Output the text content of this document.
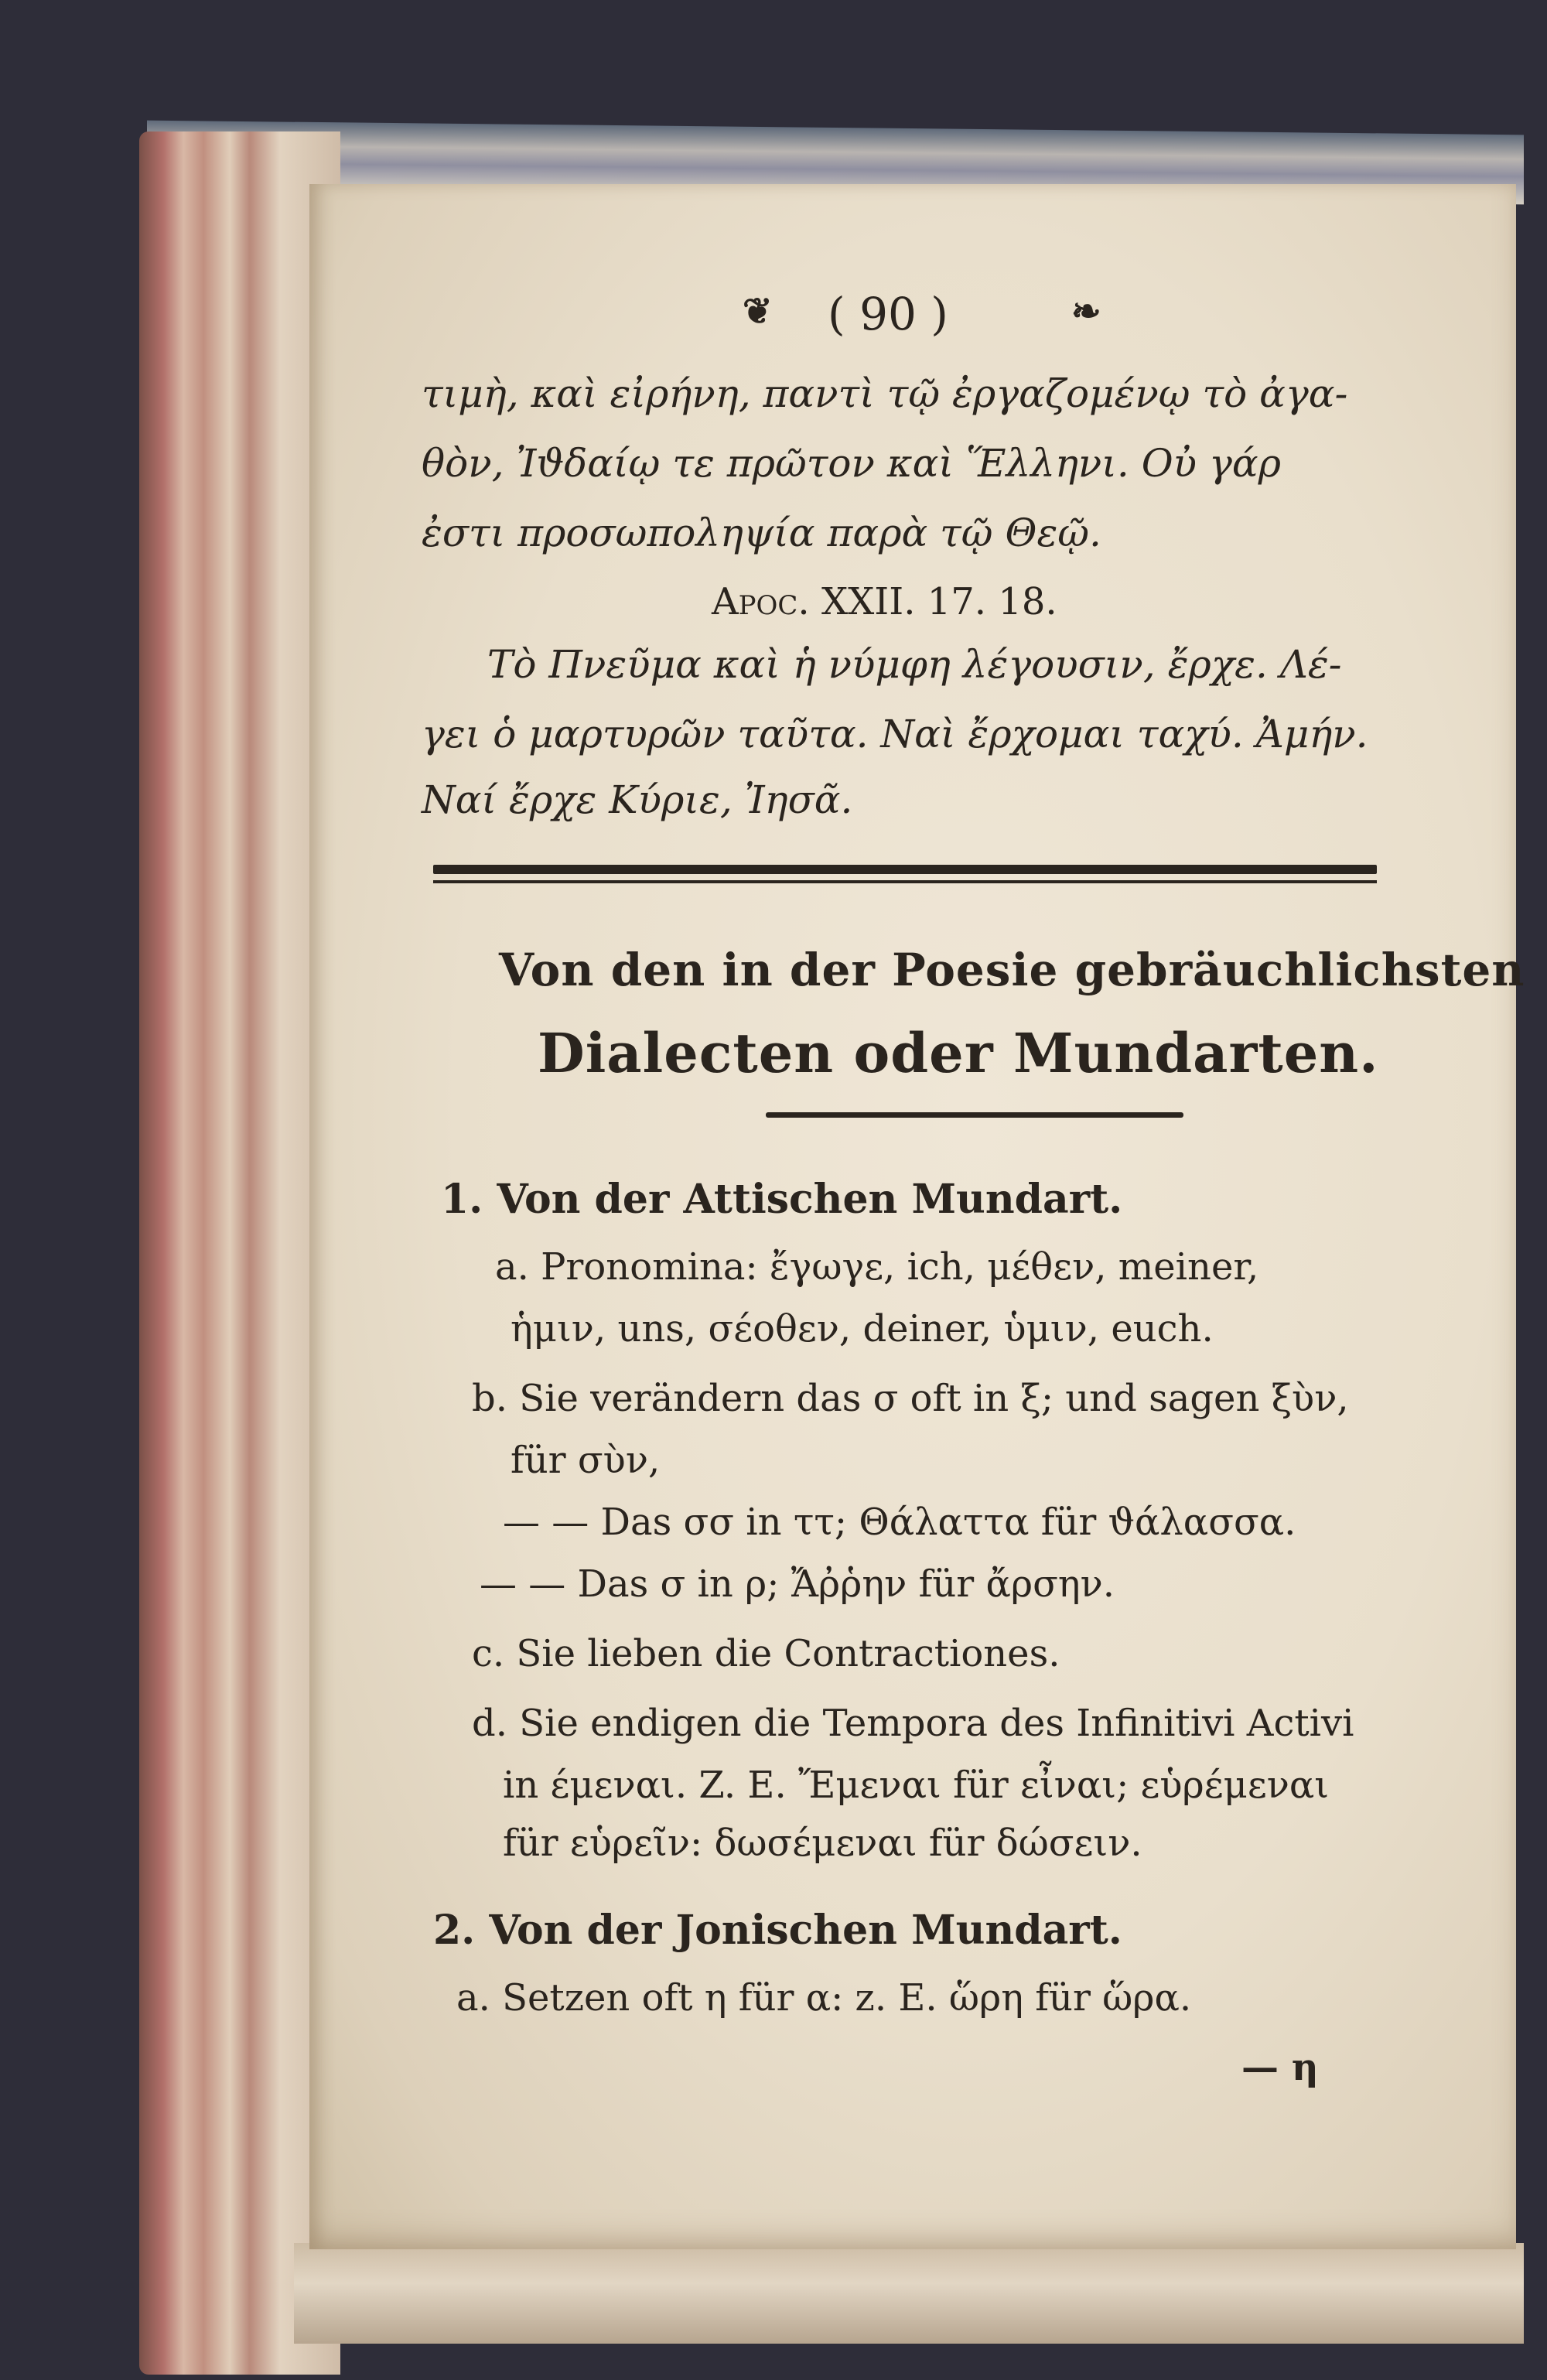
( 90 )
❦	❧
τιμὴ, καὶ εἰρήνη, παντὶ τῷ ἐργαζομένῳ τὸ ἀγα-
θὸν, Ἰϑδαίῳ τε πρῶτον καὶ Ἕλληνι. Οὐ γάρ
ἐστι προσωποληψία παρὰ τῷ Θεῷ.
Apoc. XXII. 17. 18.
Τὸ Πνεῦμα καὶ ἡ νύμφη λέγουσιν, ἔρχε. Λέ-
γει ὁ μαρτυρῶν ταῦτα. Ναὶ ἔρχομαι ταχύ. Ἀμήν.
Ναί ἔρχε Κύριε, Ἰησᾶ.
Von den in der Poesie gebräuchlichsten
Dialecten oder Mundarten.
1. Von der Attischen Mundart.
a. Pronomina: ἔγωγε, ich, μέθεν, meiner,
ἡμιν, uns, σέοθεν, deiner, ὑμιν, euch.
b. Sie verändern das σ oft in ξ; und sagen ξὺν,
für σὺν,
— — Das σσ in ττ; Θάλαττα für ϑάλασσα.
— — Das σ in ρ; Ἄῤῥην für ἄρσην.
c. Sie lieben die Contractiones.
d. Sie endigen die Tempora des Infinitivi Activi
in έμεναι. Z. E. Ἔμεναι für εἶναι; εὑρέμεναι
für εὑρεῖν: δωσέμεναι für δώσειν.
2. Von der Jonischen Mundart.
a. Setzen oft η für α: z. E. ὥρη für ὥρα.
— η
